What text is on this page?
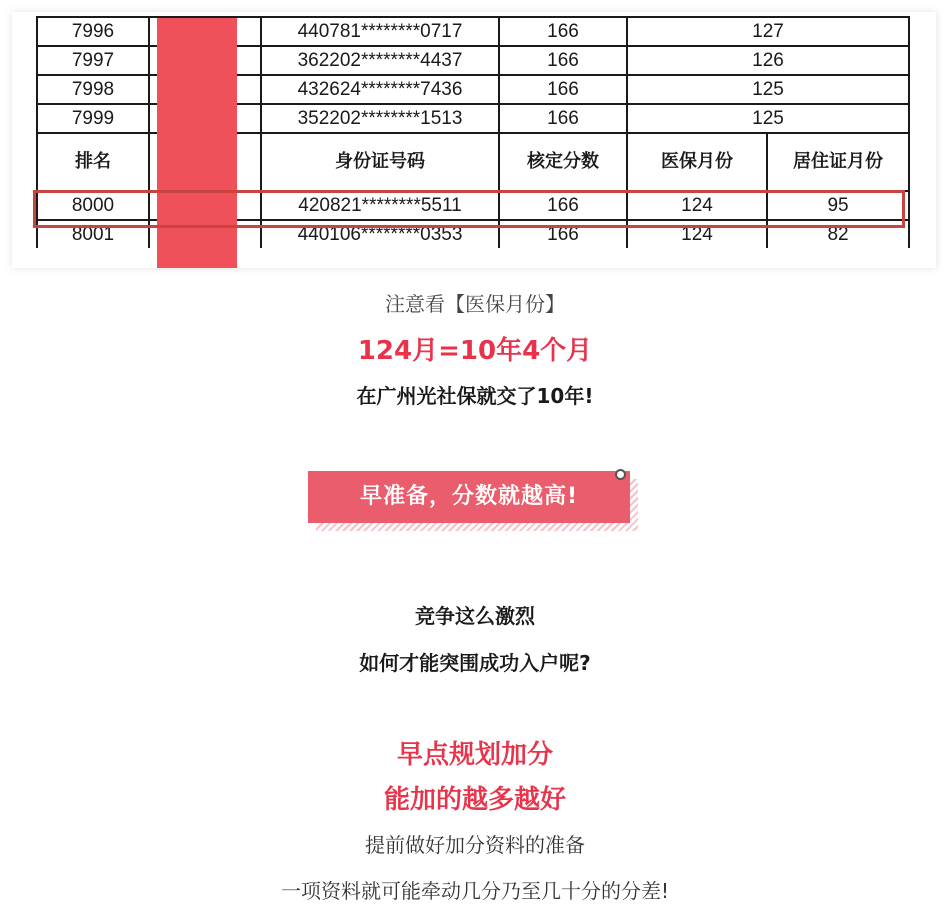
7996		440781********0717	166	127	
7997		362202********4437	166	126	
7998		432624********7436	166	125	
7999		352202********1513	166	125	
排名		身份证号码	核定分数	医保月份	居住证月份
8000		420821********5511	166	124	95
8001		440106********0353	166	124	82
注意看【医保月份】
124月=10年4个月
在广州光社保就交了10年!
早准备，分数就越高!
竞争这么激烈
如何才能突围成功入户呢?
早点规划加分
能加的越多越好
提前做好加分资料的准备
一项资料就可能牵动几分乃至几十分的分差!
